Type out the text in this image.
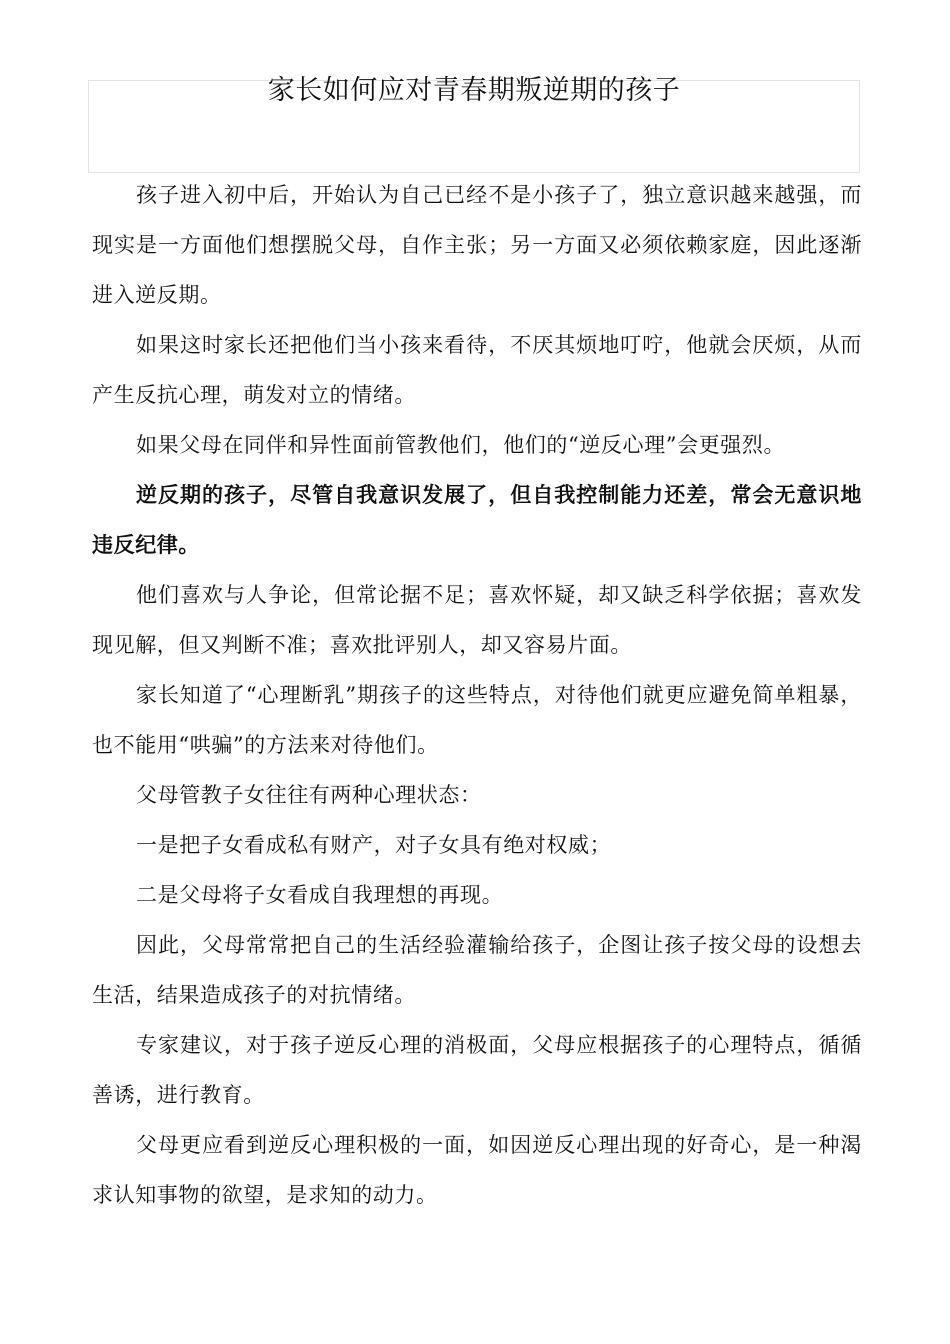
家长如何应对青春期叛逆期的孩子

孩子进入初中后，开始认为自己已经不是小孩子了，独立意识越来越强，而现实是一方面他们想摆脱父母，自作主张；另一方面又必须依赖家庭，因此逐渐进入逆反期。

如果这时家长还把他们当小孩来看待，不厌其烦地叮咛，他就会厌烦，从而产生反抗心理，萌发对立的情绪。

如果父母在同伴和异性面前管教他们，他们的“逆反心理”会更强烈。

逆反期的孩子，尽管自我意识发展了，但自我控制能力还差，常会无意识地违反纪律。

他们喜欢与人争论，但常论据不足；喜欢怀疑，却又缺乏科学依据；喜欢发现见解，但又判断不准；喜欢批评别人，却又容易片面。

家长知道了“心理断乳”期孩子的这些特点，对待他们就更应避免简单粗暴，也不能用“哄骗”的方法来对待他们。

父母管教子女往往有两种心理状态：

一是把子女看成私有财产，对子女具有绝对权威；

二是父母将子女看成自我理想的再现。

因此，父母常常把自己的生活经验灌输给孩子，企图让孩子按父母的设想去生活，结果造成孩子的对抗情绪。

专家建议，对于孩子逆反心理的消极面，父母应根据孩子的心理特点，循循善诱，进行教育。

父母更应看到逆反心理积极的一面，如因逆反心理出现的好奇心，是一种渴求认知事物的欲望，是求知的动力。
